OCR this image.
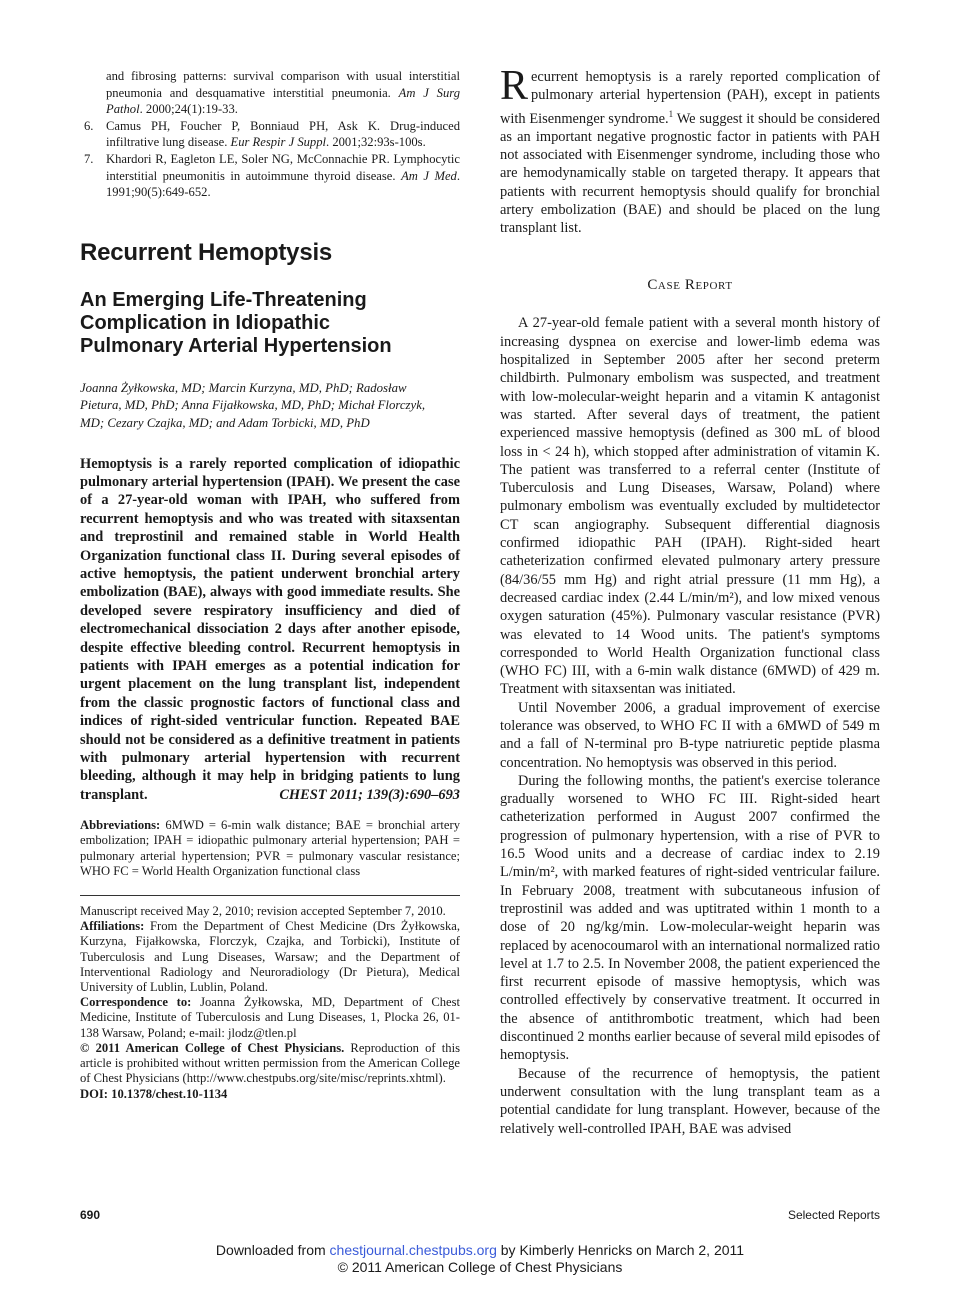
and fibrosing patterns: survival comparison with usual interstitial pneumonia and desquamative interstitial pneumonia. Am J Surg Pathol. 2000;24(1):19-33.
6. Camus PH, Foucher P, Bonniaud PH, Ask K. Drug-induced infiltrative lung disease. Eur Respir J Suppl. 2001;32:93s-100s.
7. Khardori R, Eagleton LE, Soler NG, McConnachie PR. Lymphocytic interstitial pneumonitis in autoimmune thyroid disease. Am J Med. 1991;90(5):649-652.
Recurrent Hemoptysis
An Emerging Life-Threatening Complication in Idiopathic Pulmonary Arterial Hypertension
Joanna Żyłkowska, MD; Marcin Kurzyna, MD, PhD; Radosław Pietura, MD, PhD; Anna Fijałkowska, MD, PhD; Michał Florczyk, MD; Cezary Czajka, MD; and Adam Torbicki, MD, PhD
Hemoptysis is a rarely reported complication of idiopathic pulmonary arterial hypertension (IPAH). We present the case of a 27-year-old woman with IPAH, who suffered from recurrent hemoptysis and who was treated with sitaxsentan and treprostinil and remained stable in World Health Organization functional class II. During several episodes of active hemoptysis, the patient underwent bronchial artery embolization (BAE), always with good immediate results. She developed severe respiratory insufficiency and died of electromechanical dissociation 2 days after another episode, despite effective bleeding control. Recurrent hemoptysis in patients with IPAH emerges as a potential indication for urgent placement on the lung transplant list, independent from the classic prognostic factors of functional class and indices of right-sided ventricular function. Repeated BAE should not be considered as a definitive treatment in patients with pulmonary arterial hypertension with recurrent bleeding, although it may help in bridging patients to lung transplant.	CHEST 2011; 139(3):690–693
Abbreviations: 6MWD = 6-min walk distance; BAE = bronchial artery embolization; IPAH = idiopathic pulmonary arterial hypertension; PAH = pulmonary arterial hypertension; PVR = pulmonary vascular resistance; WHO FC = World Health Organization functional class

Manuscript received May 2, 2010; revision accepted September 7, 2010.

Affiliations: From the Department of Chest Medicine (Drs Żyłkowska, Kurzyna, Fijałkowska, Florczyk, Czajka, and Torbicki), Institute of Tuberculosis and Lung Diseases, Warsaw; and the Department of Interventional Radiology and Neuroradiology (Dr Pietura), Medical University of Lublin, Lublin, Poland.

Correspondence to: Joanna Żyłkowska, MD, Department of Chest Medicine, Institute of Tuberculosis and Lung Diseases, 1, Plocka 26, 01-138 Warsaw, Poland; e-mail: jlodz@tlen.pl

© 2011 American College of Chest Physicians. Reproduction of this article is prohibited without written permission from the American College of Chest Physicians (http://www.chestpubs.org/site/misc/reprints.xhtml).

DOI: 10.1378/chest.10-1134

Recurrent hemoptysis is a rarely reported complication of pulmonary arterial hypertension (PAH), except in patients with Eisenmenger syndrome.$^1$ We suggest it should be considered as an important negative prognostic factor in patients with PAH not associated with Eisenmenger syndrome, including those who are hemodynamically stable on targeted therapy. It appears that patients with recurrent hemoptysis should qualify for bronchial artery embolization (BAE) and should be placed on the lung transplant list.

Case Report

A 27-year-old female patient with a several month history of increasing dyspnea on exercise and lower-limb edema was hospitalized in September 2005 after her second preterm childbirth. Pulmonary embolism was suspected, and treatment with low-molecular-weight heparin and a vitamin K antagonist was started. After several days of treatment, the patient experienced massive hemoptysis (defined as 300 mL of blood loss in < 24 h), which stopped after administration of vitamin K. The patient was transferred to a referral center (Institute of Tuberculosis and Lung Diseases, Warsaw, Poland) where pulmonary embolism was eventually excluded by multidetector CT scan angiography. Subsequent differential diagnosis confirmed idiopathic PAH (IPAH). Right-sided heart catheterization confirmed elevated pulmonary artery pressure (84/36/55 mm Hg) and right atrial pressure (11 mm Hg), a decreased cardiac index (2.44 L/min/m²), and low mixed venous oxygen saturation (45%). Pulmonary vascular resistance (PVR) was elevated to 14 Wood units. The patient's symptoms corresponded to World Health Organization functional class (WHO FC) III, with a 6-min walk distance (6MWD) of 429 m. Treatment with sitaxsentan was initiated.

Until November 2006, a gradual improvement of exercise tolerance was observed, to WHO FC II with a 6MWD of 549 m and a fall of N-terminal pro B-type natriuretic peptide plasma concentration. No hemoptysis was observed in this period.

During the following months, the patient's exercise tolerance gradually worsened to WHO FC III. Right-sided heart catheterization performed in August 2007 confirmed the progression of pulmonary hypertension, with a rise of PVR to 16.5 Wood units and a decrease of cardiac index to 2.19 L/min/m², with marked features of right-sided ventricular failure. In February 2008, treatment with subcutaneous infusion of treprostinil was added and was uptitrated within 1 month to a dose of 20 ng/kg/min. Low-molecular-weight heparin was replaced by acenocoumarol with an international normalized ratio level at 1.7 to 2.5. In November 2008, the patient experienced the first recurrent episode of massive hemoptysis, which was controlled effectively by conservative treatment. It occurred in the absence of antithrombotic treatment, which had been discontinued 2 months earlier because of several mild episodes of hemoptysis.

Because of the recurrence of hemoptysis, the patient underwent consultation with the lung transplant team as a potential candidate for lung transplant. However, because of the relatively well-controlled IPAH, BAE was advised

690	Selected Reports
Downloaded from chestjournal.chestpubs.org by Kimberly Henricks on March 2, 2011
© 2011 American College of Chest Physicians
